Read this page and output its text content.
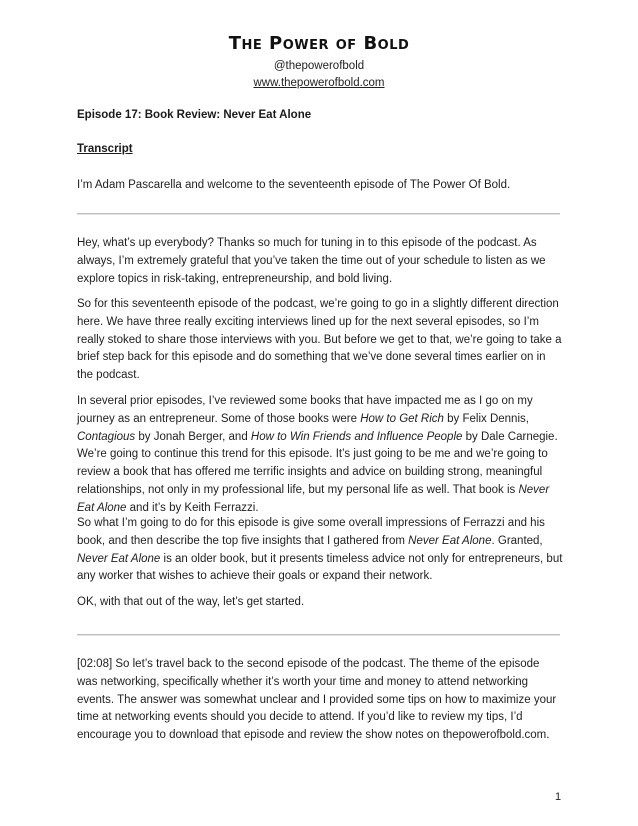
The Power of Bold
@thepowerofbold
www.thepowerofbold.com
Episode 17: Book Review: Never Eat Alone
Transcript

I’m Adam Pascarella and welcome to the seventeenth episode of The Power Of Bold.

Hey, what’s up everybody? Thanks so much for tuning in to this episode of the podcast. As always, I’m extremely grateful that you’ve taken the time out of your schedule to listen as we explore topics in risk-taking, entrepreneurship, and bold living.

So for this seventeenth episode of the podcast, we’re going to go in a slightly different direction here. We have three really exciting interviews lined up for the next several episodes, so I’m really stoked to share those interviews with you. But before we get to that, we’re going to take a brief step back for this episode and do something that we’ve done several times earlier on in the podcast.

In several prior episodes, I’ve reviewed some books that have impacted me as I go on my journey as an entrepreneur. Some of those books were How to Get Rich by Felix Dennis, Contagious by Jonah Berger, and How to Win Friends and Influence People by Dale Carnegie. We’re going to continue this trend for this episode. It’s just going to be me and we’re going to review a book that has offered me terrific insights and advice on building strong, meaningful relationships, not only in my professional life, but my personal life as well. That book is Never Eat Alone and it’s by Keith Ferrazzi.

So what I’m going to do for this episode is give some overall impressions of Ferrazzi and his book, and then describe the top five insights that I gathered from Never Eat Alone. Granted, Never Eat Alone is an older book, but it presents timeless advice not only for entrepreneurs, but any worker that wishes to achieve their goals or expand their network.

OK, with that out of the way, let’s get started.

[02:08] So let’s travel back to the second episode of the podcast. The theme of the episode was networking, specifically whether it’s worth your time and money to attend networking events. The answer was somewhat unclear and I provided some tips on how to maximize your time at networking events should you decide to attend. If you’d like to review my tips, I’d encourage you to download that episode and review the show notes on thepowerofbold.com.

1
